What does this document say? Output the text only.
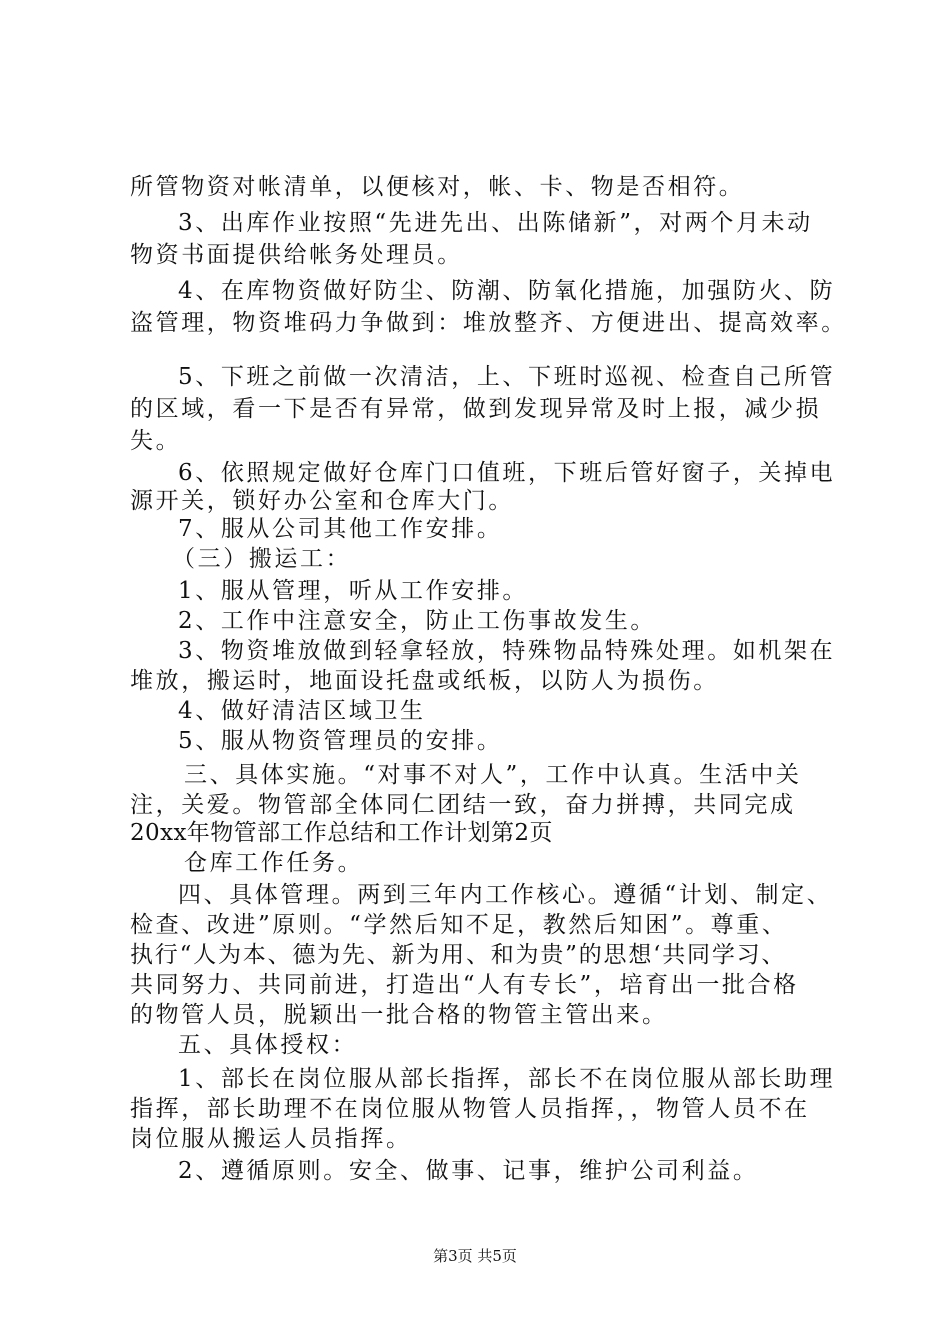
所管物资对帐清单，以便核对，帐、卡、物是否相符。
3、出库作业按照“先进先出、出陈储新”，对两个月未动
物资书面提供给帐务处理员。
4、在库物资做好防尘、防潮、防氧化措施，加强防火、防
盗管理，物资堆码力争做到：堆放整齐、方便进出、提高效率。
5、下班之前做一次清洁，上、下班时巡视、检查自己所管
的区域，看一下是否有异常，做到发现异常及时上报，减少损
失。
6、依照规定做好仓库门口值班，下班后管好窗子，关掉电
源开关，锁好办公室和仓库大门。
7、服从公司其他工作安排。
（三）搬运工：
1、服从管理，听从工作安排。
2、工作中注意安全，防止工伤事故发生。
3、物资堆放做到轻拿轻放，特殊物品特殊处理。如机架在
堆放，搬运时，地面设托盘或纸板，以防人为损伤。
4、做好清洁区域卫生
5、服从物资管理员的安排。
三、具体实施。“对事不对人”，工作中认真。生活中关
注，关爱。物管部全体同仁团结一致，奋力拼搏，共同完成
20xx年物管部工作总结和工作计划第2页
仓库工作任务。
四、具体管理。两到三年内工作核心。遵循“计划、制定、
检查、改进”原则。“学然后知不足，教然后知困”。尊重、
执行“人为本、德为先、新为用、和为贵”的思想‘共同学习、
共同努力、共同前进，打造出“人有专长”，培育出一批合格
的物管人员，脱颖出一批合格的物管主管出来。
五、具体授权：
1、部长在岗位服从部长指挥，部长不在岗位服从部长助理
指挥，部长助理不在岗位服从物管人员指挥，，物管人员不在
岗位服从搬运人员指挥。
2、遵循原则。安全、做事、记事，维护公司利益。
第3页 共5页
